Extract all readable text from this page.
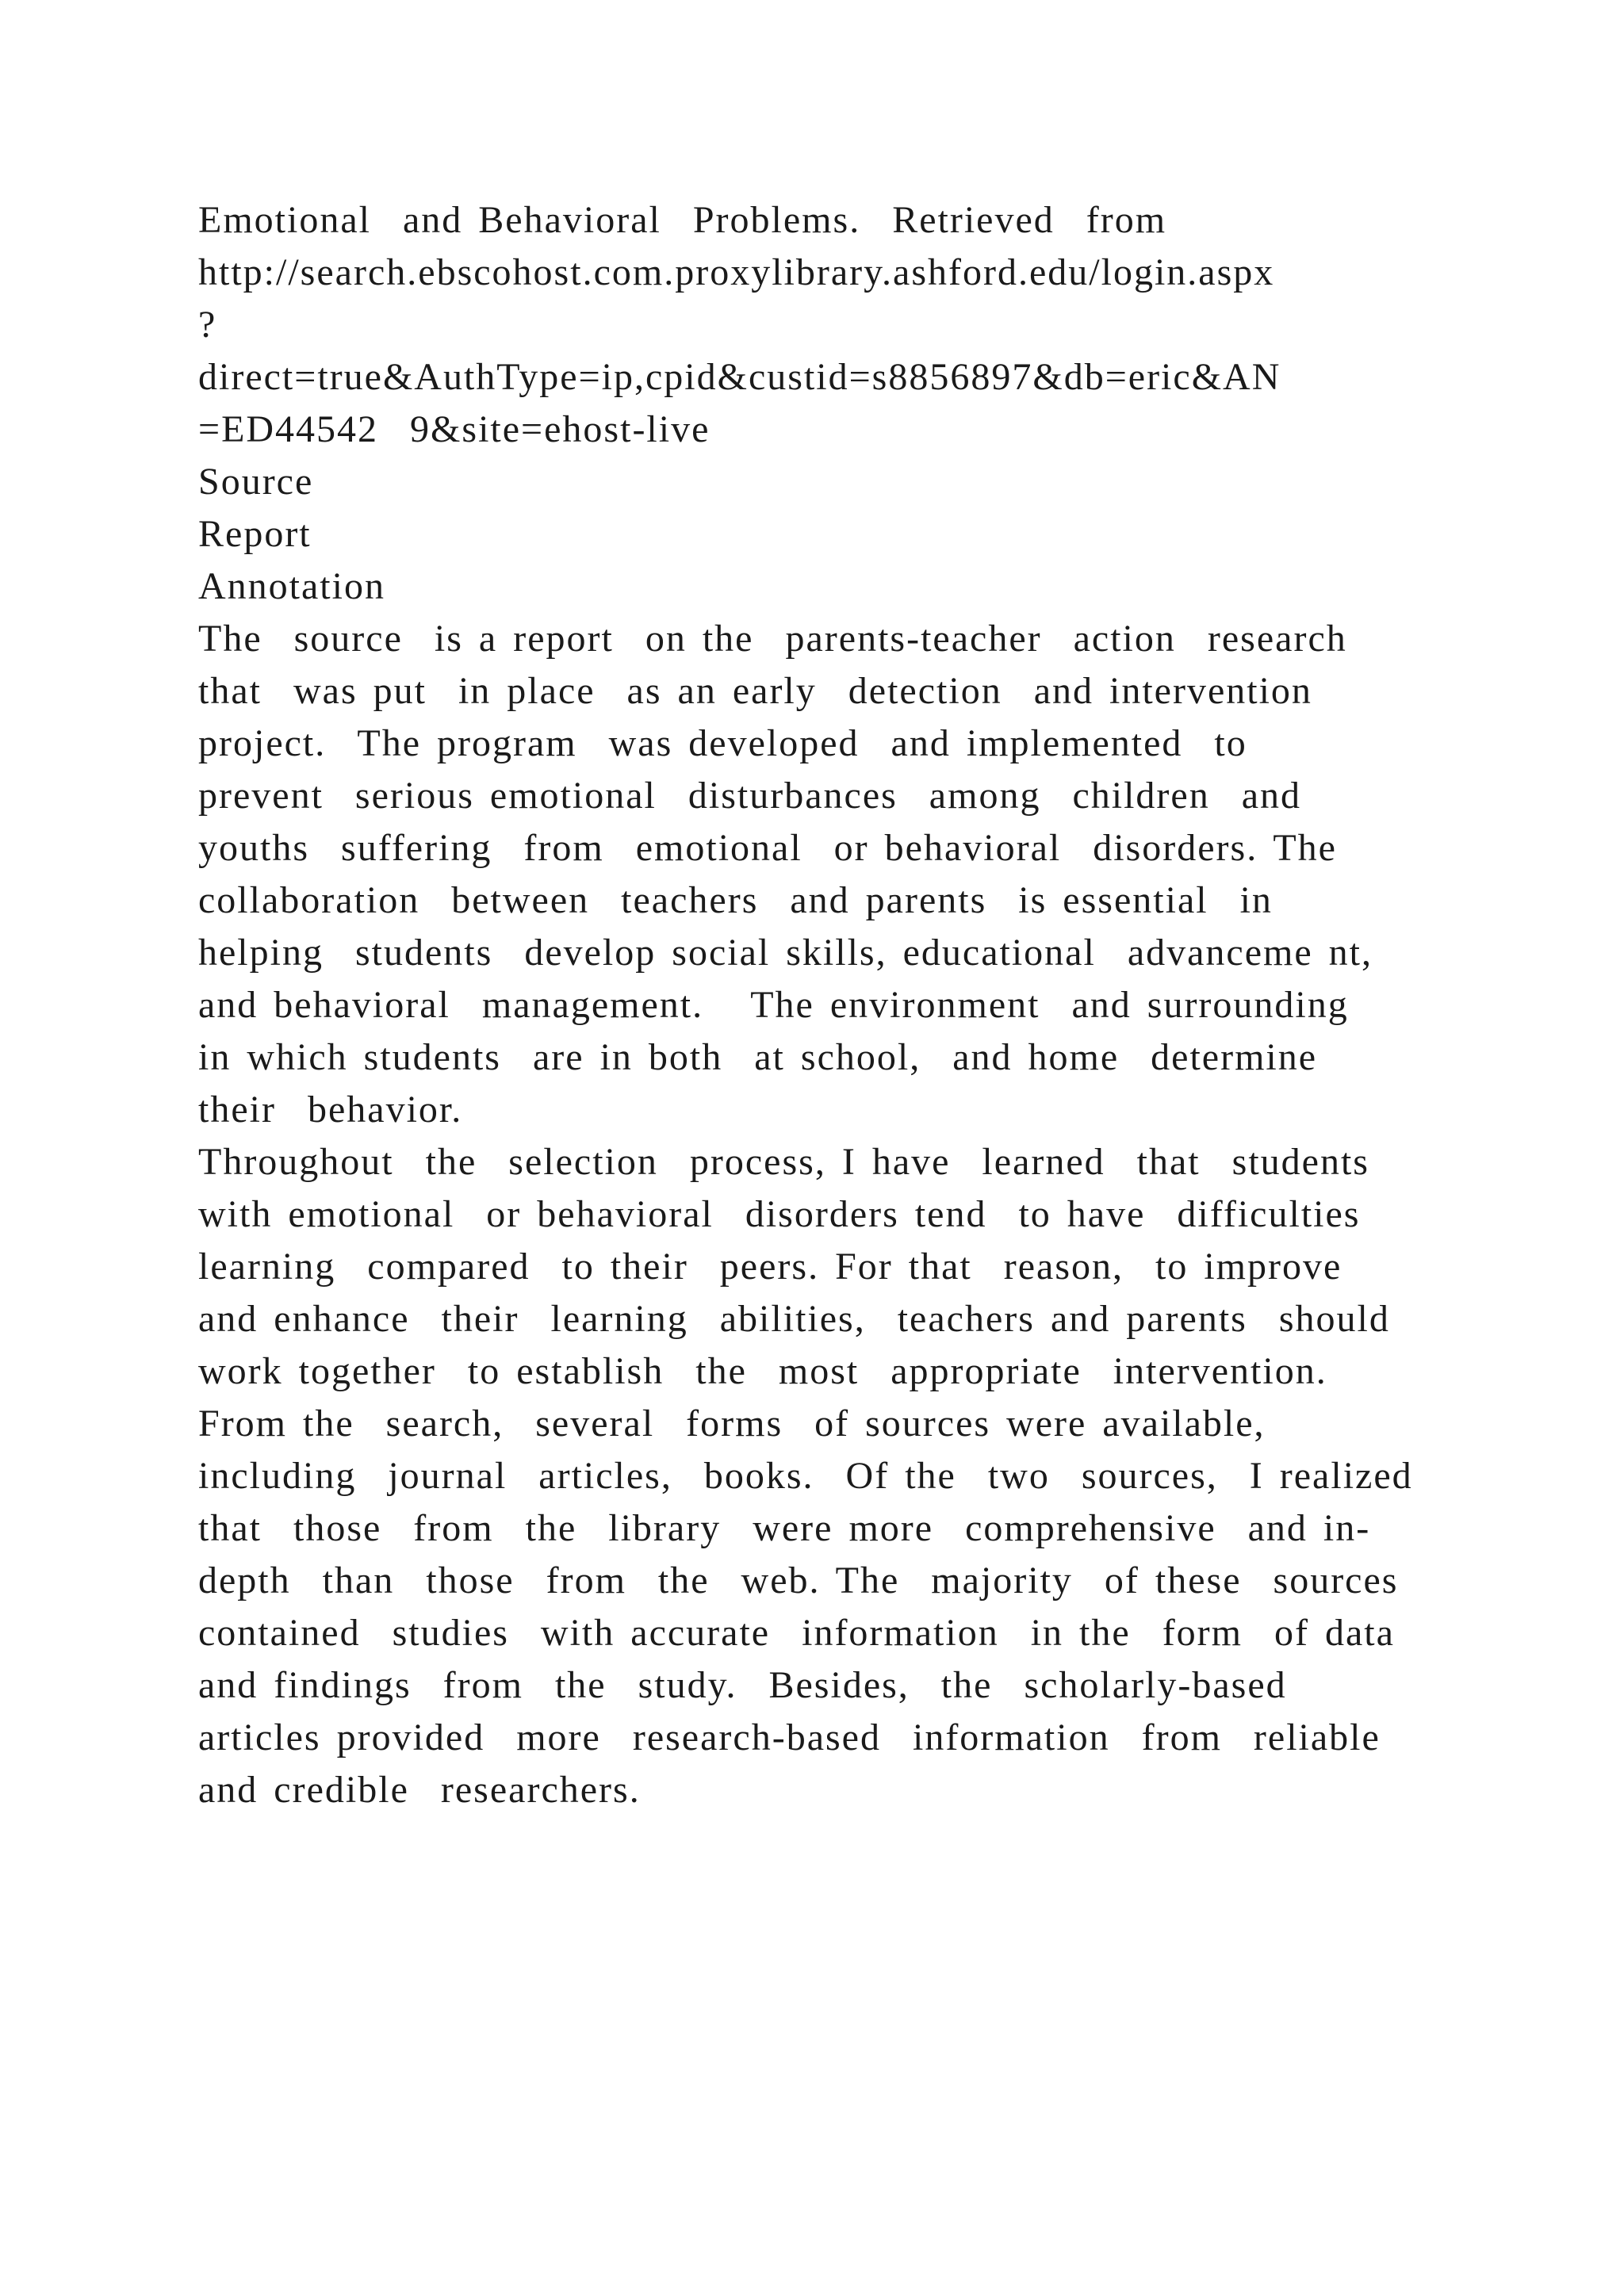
Emotional  and Behavioral  Problems.  Retrieved  from
http://search.ebscohost.com.proxylibrary.ashford.edu/login.aspx
?
direct=true&AuthType=ip,cpid&custid=s8856897&db=eric&AN
=ED44542  9&site=ehost-live
Source
Report
Annotation
The  source  is a report  on the  parents-teacher  action  research
that  was put  in place  as an early  detection  and intervention
project.  The program  was developed  and implemented  to
prevent  serious emotional  disturbances  among  children  and
youths  suffering  from  emotional  or behavioral  disorders. The
collaboration  between  teachers  and parents  is essential  in
helping  students  develop social skills, educational  advanceme nt,
and behavioral  management.   The environment  and surrounding
in which students  are in both  at school,  and home  determine
their  behavior.
Throughout  the  selection  process, I have  learned  that  students
with emotional  or behavioral  disorders tend  to have  difficulties
learning  compared  to their  peers. For that  reason,  to improve
and enhance  their  learning  abilities,  teachers and parents  should
work together  to establish  the  most  appropriate  intervention.
From the  search,  several  forms  of sources were available,
including  journal  articles,  books.  Of the  two  sources,  I realized
that  those  from  the  library  were more  comprehensive  and in-
depth  than  those  from  the  web. The  majority  of these  sources
contained  studies  with accurate  information  in the  form  of data
and findings  from  the  study.  Besides,  the  scholarly-based
articles provided  more  research-based  information  from  reliable
and credible  researchers.
